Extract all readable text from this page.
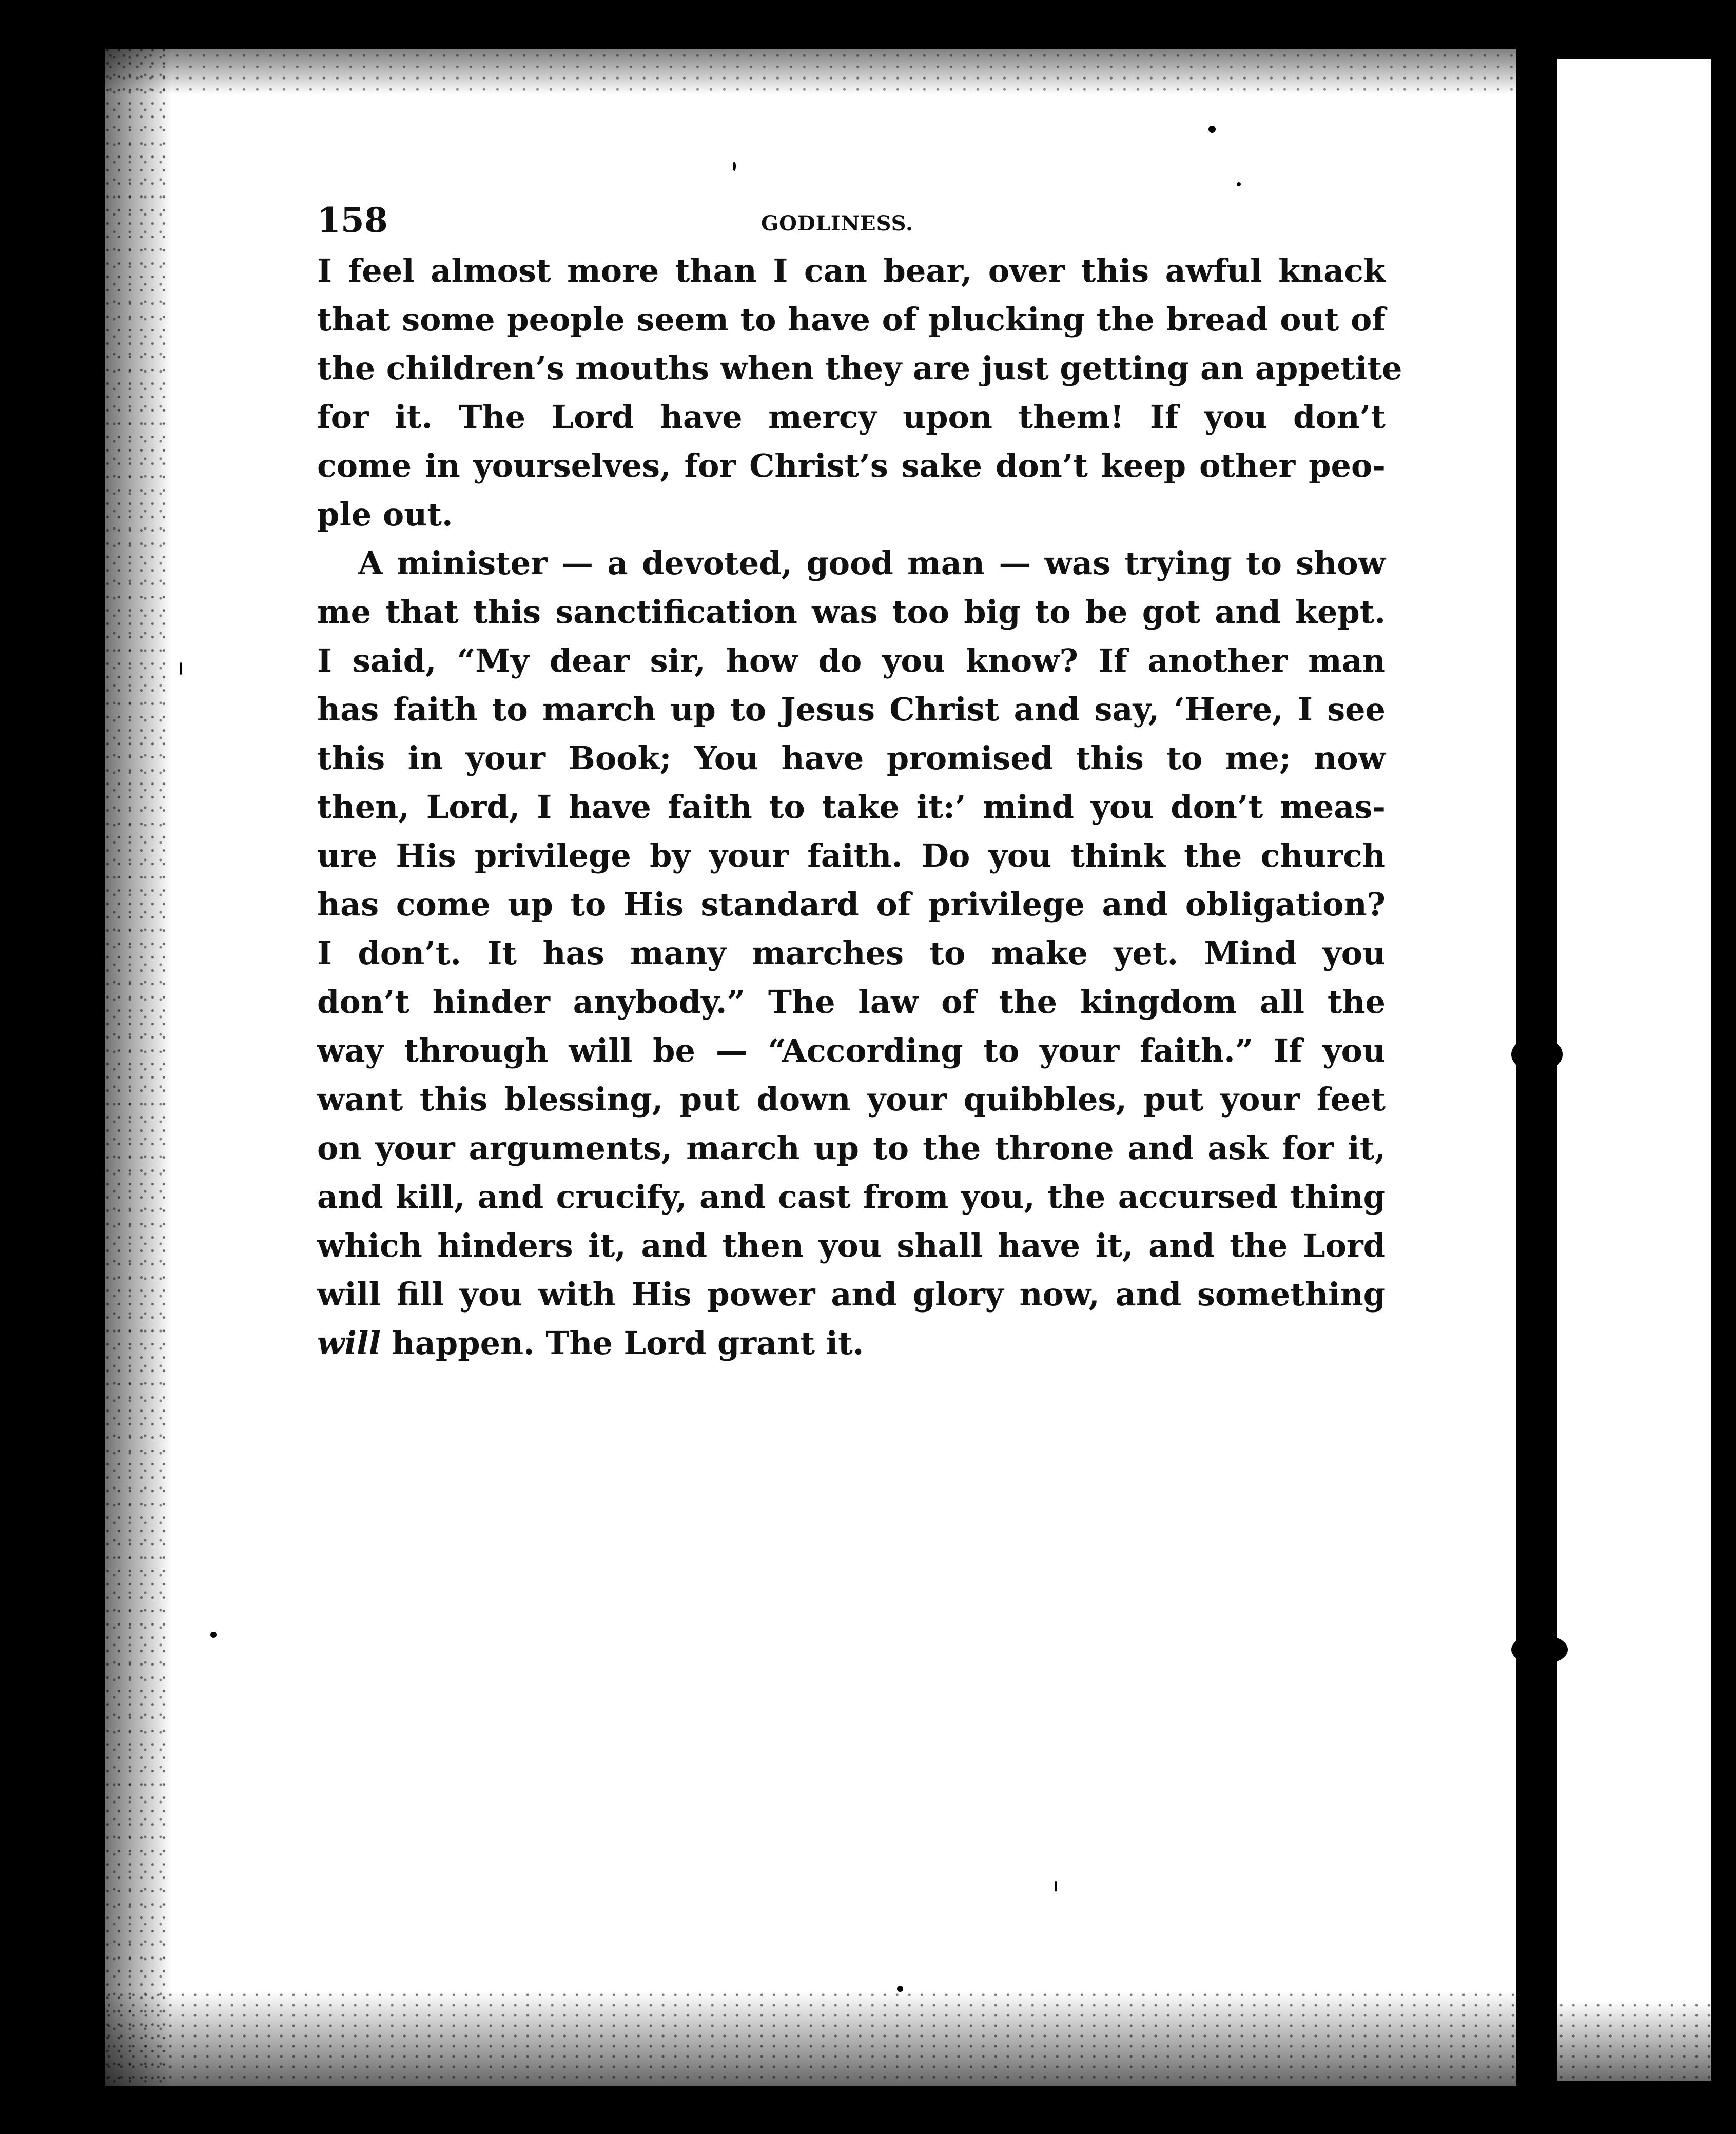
158	GODLINESS.
I feel almost more than I can bear, over this awful knack
that some people seem to have of plucking the bread out of
the children’s mouths when they are just getting an appetite
for it. The Lord have mercy upon them! If you don’t
come in yourselves, for Christ’s sake don’t keep other peo-
ple out.
A minister — a devoted, good man — was trying to show
me that this sanctification was too big to be got and kept.
I said, “My dear sir, how do you know? If another man
has faith to march up to Jesus Christ and say, ‘Here, I see
this in your Book; You have promised this to me; now
then, Lord, I have faith to take it:’ mind you don’t meas-
ure His privilege by your faith. Do you think the church
has come up to His standard of privilege and obligation?
I don’t. It has many marches to make yet. Mind you
don’t hinder anybody.” The law of the kingdom all the
way through will be — “According to your faith.” If you
want this blessing, put down your quibbles, put your feet
on your arguments, march up to the throne and ask for it,
and kill, and crucify, and cast from you, the accursed thing
which hinders it, and then you shall have it, and the Lord
will fill you with His power and glory now, and something
will happen. The Lord grant it.
